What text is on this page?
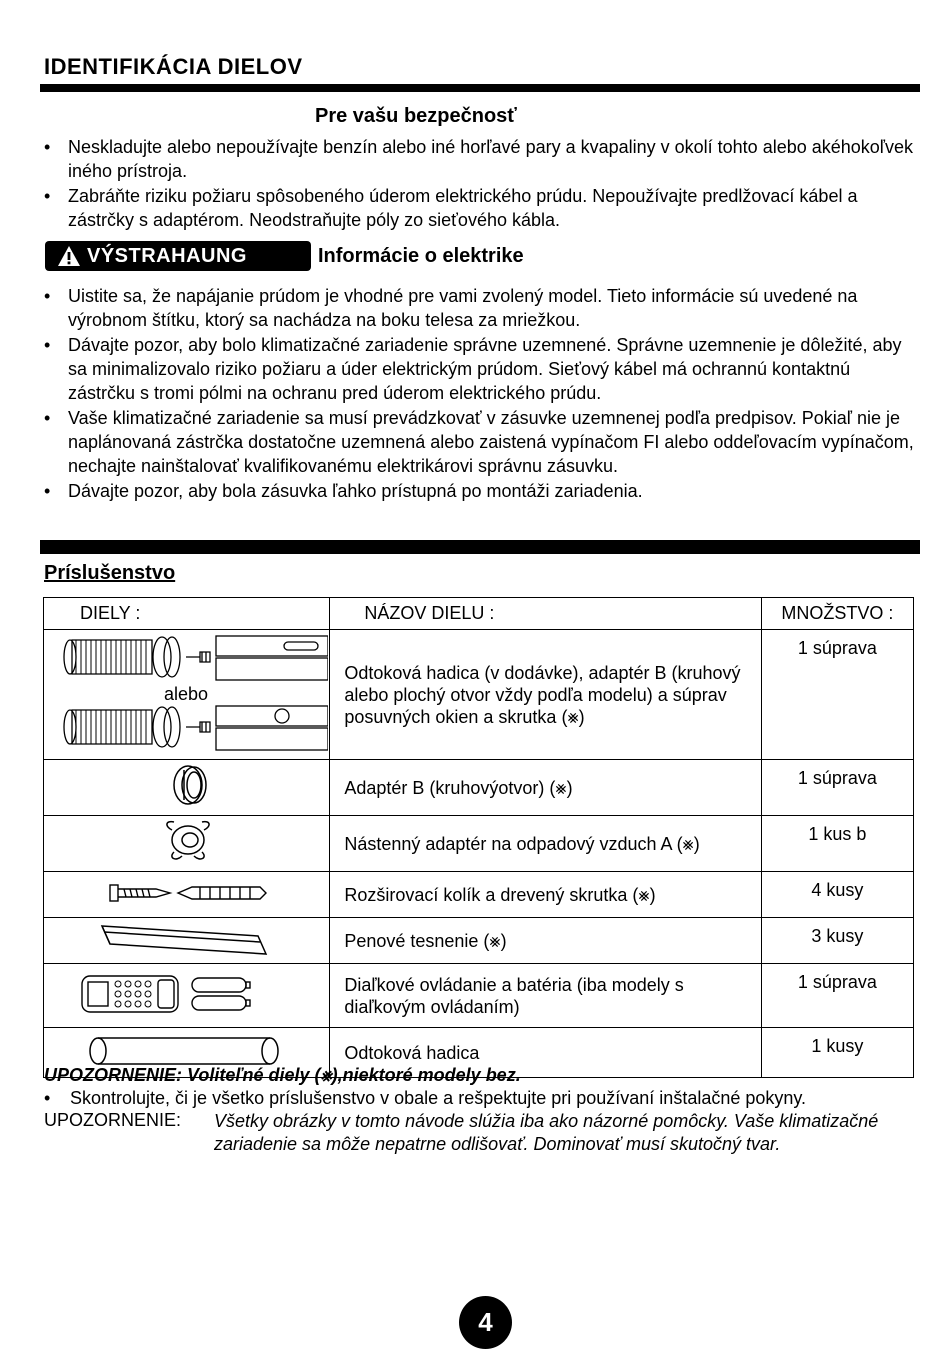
IDENTIFIKÁCIA DIELOV
Pre vašu bezpečnosť
• Neskladujte alebo nepoužívajte benzín alebo iné horľavé pary a kvapaliny v okolí tohto alebo akéhokoľvek iného prístroja.
• Zabráňte riziku požiaru spôsobeného úderom elektrického prúdu. Nepoužívajte predlžovací kábel a zástrčky s adaptérom. Neodstraňujte póly zo sieťového kábla.
VÝSTRAHAUNG	Informácie o elektrike
• Uistite sa, že napájanie prúdom je vhodné pre vami zvolený model. Tieto informácie sú uvedené na výrobnom štítku, ktorý sa nachádza na boku telesa za mriežkou.
• Dávajte pozor, aby bolo klimatizačné zariadenie správne uzemnené. Správne uzemnenie je dôležité, aby sa minimalizovalo riziko požiaru a úder elektrickým prúdom. Sieťový kábel má ochrannú kontaktnú zástrčku s tromi pólmi na ochranu pred úderom elektrického prúdu.
• Vaše klimatizačné zariadenie sa musí prevádzkovať v zásuvke uzemnenej podľa predpisov. Pokiaľ nie je naplánovaná zástrčka dostatočne uzemnená alebo zaistená vypínačom FI alebo oddeľovacím vypínačom, nechajte nainštalovať kvalifikovanému elektrikárovi správnu zásuvku.
• Dávajte pozor, aby bola zásuvka ľahko prístupná po montáži zariadenia.
Príslušenstvo
DIELY :	NÁZOV DIELU :	MNOŽSTVO :

alebo	Odtoková hadica (v dodávke), adaptér B (kruhový alebo plochý otvor vždy podľa modelu) a súprav posuvných okien a skrutka (⨳)	1 súprava
	Adaptér B (kruhovýotvor) (⨳)	1 súprava
	Nástenný adaptér na odpadový vzduch A (⨳)	1 kus b
	Rozširovací kolík a drevený skrutka (⨳)	4 kusy
	Penové tesnenie (⨳)	3 kusy
	Diaľkové ovládanie a batéria (iba modely s diaľkovým ovládaním)	1 súprava
	Odtoková hadica	1 kusy
UPOZORNENIE: Voliteľné diely (⨳),niektoré modely bez.
• Skontrolujte, či je všetko príslušenstvo v obale a rešpektujte pri používaní inštalačné pokyny.
UPOZORNENIE: Všetky obrázky v tomto návode slúžia iba ako názorné pomôcky. Vaše klimatizačné zariadenie sa môže nepatrne odlišovať. Dominovať musí skutočný tvar.
4
